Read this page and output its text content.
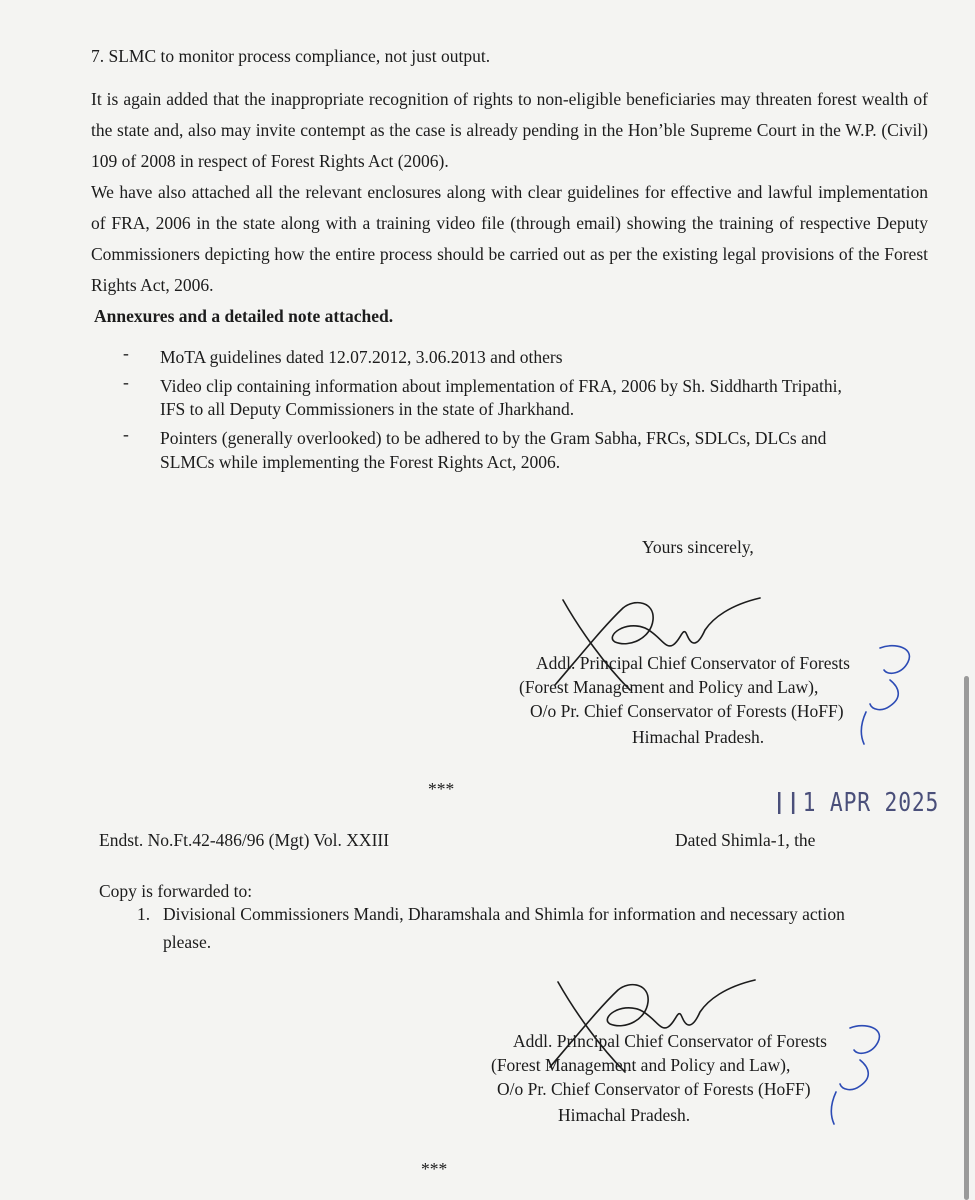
7. SLMC to monitor process compliance, not just output.
It is again added that the inappropriate recognition of rights to non-eligible beneficiaries may threaten forest wealth of the state and, also may invite contempt as the case is already pending in the Hon’ble Supreme Court in the W.P. (Civil) 109 of 2008 in respect of Forest Rights Act (2006).
We have also attached all the relevant enclosures along with clear guidelines for effective and lawful implementation of FRA, 2006 in the state along with a training video file (through email) showing the training of respective Deputy Commissioners depicting how the entire process should be carried out as per the existing legal provisions of the Forest Rights Act, 2006.
Annexures and a detailed note attached.
- MoTA guidelines dated 12.07.2012, 3.06.2013 and others
- Video clip containing information about implementation of FRA, 2006 by Sh. Siddharth Tripathi,
IFS to all Deputy Commissioners in the state of Jharkhand.
- Pointers (generally overlooked) to be adhered to by the Gram Sabha, FRCs, SDLCs, DLCs and
SLMCs while implementing the Forest Rights Act, 2006.
Yours sincerely,
Addl. Principal Chief Conservator of Forests
(Forest Management and Policy and Law),
O/o Pr. Chief Conservator of Forests (HoFF)
Himachal Pradesh.
***	1 APR 2025
Endst. No.Ft.42-486/96 (Mgt) Vol. XXIII	Dated Shimla-1, the
Copy is forwarded to:
1. Divisional Commissioners Mandi, Dharamshala and Shimla for information and necessary action
please.
Addl. Principal Chief Conservator of Forests
(Forest Management and Policy and Law),
O/o Pr. Chief Conservator of Forests (HoFF)
Himachal Pradesh.
***
